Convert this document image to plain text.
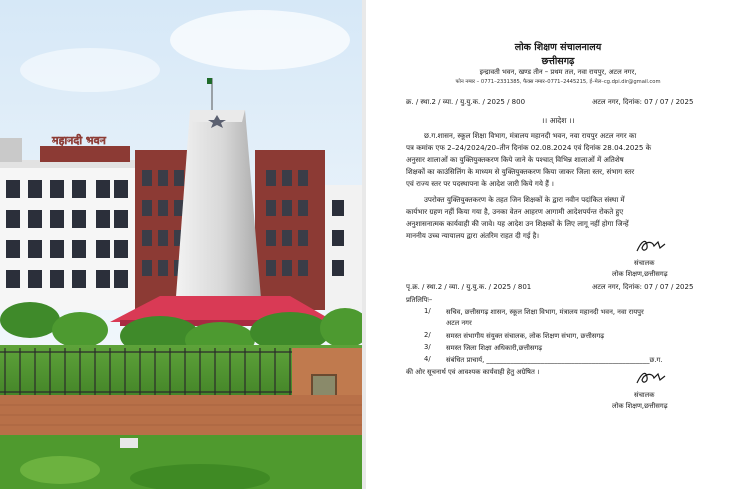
महानदी भवन
लोक शिक्षण संचालनालय
छत्तीसगढ़
इन्द्रावती भवन, खण्ड तीन – प्रथम तल, नवा रायपुर, अटल नगर,
फोन नम्बर – 0771–2331385, फैक्स नम्बर–0771–2445215, ई–मेल–cg.dpi.dir@gmail.com
क्र. / स्था.2 / व्या. / यु.यु.क. / 2025 / 800	अटल नगर, दिनांक: 07 / 07 / 2025
।। आदेश ।।
छ.ग.शासन, स्कूल शिक्षा विभाग, मंत्रालय महानदी भवन, नवा रायपुर अटल नगर का
पत्र कमांक एफ 2–24/2024/20–तीन दिनांक 02.08.2024 एवं दिनांक 28.04.2025 के
अनुसार शालाओं का युक्तियुक्तकरण किये जाने के पश्चात् विभिन्न शालाओं में अतिशेष
शिक्षकों का काउंसिलिंग के माध्यम से युक्तियुक्तकरण किया जाकर जिला स्तर, संभाग स्तर
एवं राज्य स्तर पर पदस्थापना के आदेश जारी किये गये हैं ।
उपरोक्त युक्तियुक्तकरण के तहत जिन शिक्षकों के द्वारा नवीन पदांकित संस्था में
कार्यभार ग्रहण नहीं किया गया है, उनका वेतन आहरण आगामी आदेशपर्यन्त रोकते हुए
अनुशासनात्मक कार्यवाही की जावे। यह आदेश उन शिक्षकों के लिए लागू नहीं होगा जिन्हें
माननीय उच्च न्यायालय द्वारा अंतरिम राहत दी गई है।
संचालक
लोक शिक्षण,छत्तीसगढ़
पृ.क्र. / स्था.2 / व्या. / यु.यु.क. / 2025 / 801	अटल नगर, दिनांक: 07 / 07 / 2025
प्रतिलिपिः–
1/ सचिव, छत्तीसगढ़ शासन, स्कूल शिक्षा विभाग, मंत्रालय महानदी भवन, नवा रायपुर
अटल नगर
2/ समस्त संभागीय संयुक्त संचालक, लोक शिक्षण संभाग, छत्तीसगढ़
3/ समस्त जिला शिक्षा अधिकारी,छत्तीसगढ़
4/ संबंधित प्राचार्य, ________________________________________________छ.ग.
की ओर सूचनार्थ एवं आवश्यक कार्यवाही हेतु अग्रेषित ।
संचालक
लोक शिक्षण,छत्तीसगढ़
